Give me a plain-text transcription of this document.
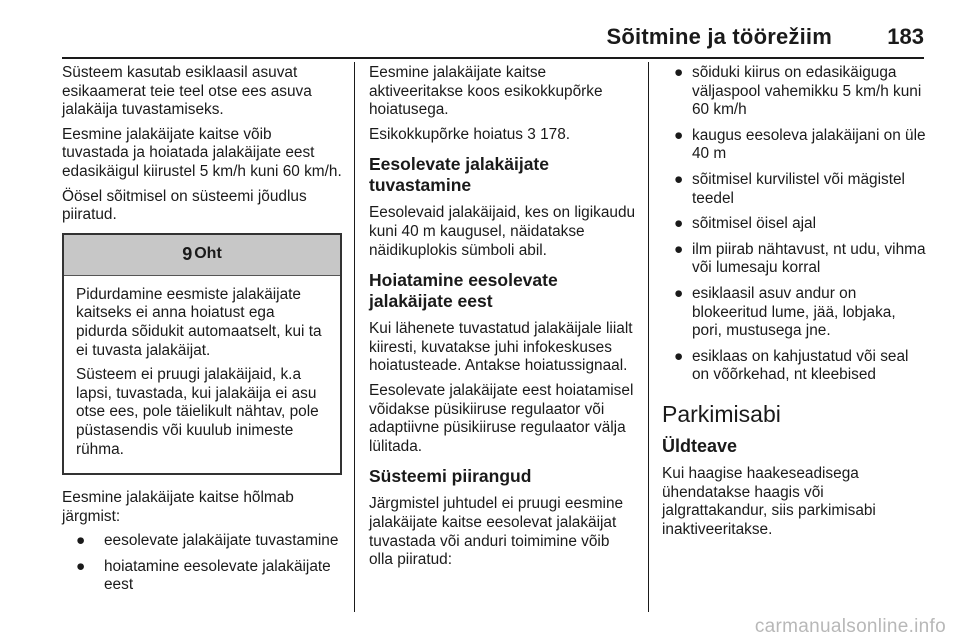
Sõitmine ja töörežiim	183

Süsteem kasutab esiklaasil asuvat esikaamerat teie teel otse ees asuva jalakäija tuvastamiseks.

Eesmine jalakäijate kaitse võib tuvastada ja hoiatada jalakäijate eest edasikäigul kiirustel 5 km/h kuni 60 km/h.

Öösel sõitmisel on süsteemi jõudlus piiratud.

9 Oht

Pidurdamine eesmiste jalakäijate kaitseks ei anna hoiatust ega pidurda sõidukit automaatselt, kui ta ei tuvasta jalakäijat.

Süsteem ei pruugi jalakäijaid, k.a lapsi, tuvastada, kui jalakäija ei asu otse ees, pole täielikult nähtav, pole püstasendis või kuulub inimeste rühma.

Eesmine jalakäijate kaitse hõlmab järgmist:

● eesolevate jalakäijate tuvastamine
● hoiatamine eesolevate jalakäijate eest

Eesmine jalakäijate kaitse aktiveeritakse koos esikokkupõrke hoiatusega.

Esikokkupõrke hoiatus 3 178.

Eesolevate jalakäijate tuvastamine

Eesolevaid jalakäijaid, kes on ligikaudu kuni 40 m kaugusel, näidatakse näidikuplokis sümboli abil.

Hoiatamine eesolevate jalakäijate eest

Kui lähenete tuvastatud jalakäijale liialt kiiresti, kuvatakse juhi infokeskuses hoiatusteade. Antakse hoiatussignaal.

Eesolevate jalakäijate eest hoiatamisel võidakse püsikiiruse regulaator või adaptiivne püsikiiruse regulaator välja lülitada.

Süsteemi piirangud

Järgmistel juhtudel ei pruugi eesmine jalakäijate kaitse eesolevat jalakäijat tuvastada või anduri toimimine võib olla piiratud:

● sõiduki kiirus on edasikäiguga väljaspool vahemikku 5 km/h kuni 60 km/h
● kaugus eesoleva jalakäijani on üle 40 m
● sõitmisel kurvilistel või mägistel teedel
● sõitmisel öisel ajal
● ilm piirab nähtavust, nt udu, vihma või lumesaju korral
● esiklaasil asuv andur on blokeeritud lume, jää, lobjaka, pori, mustusega jne.
● esiklaas on kahjustatud või seal on võõrkehad, nt kleebised
Parkimisabi
Üldteave

Kui haagise haakeseadisega ühendatakse haagis või jalgrattakandur, siis parkimisabi inaktiveeritakse.

carmanualsonline.info
